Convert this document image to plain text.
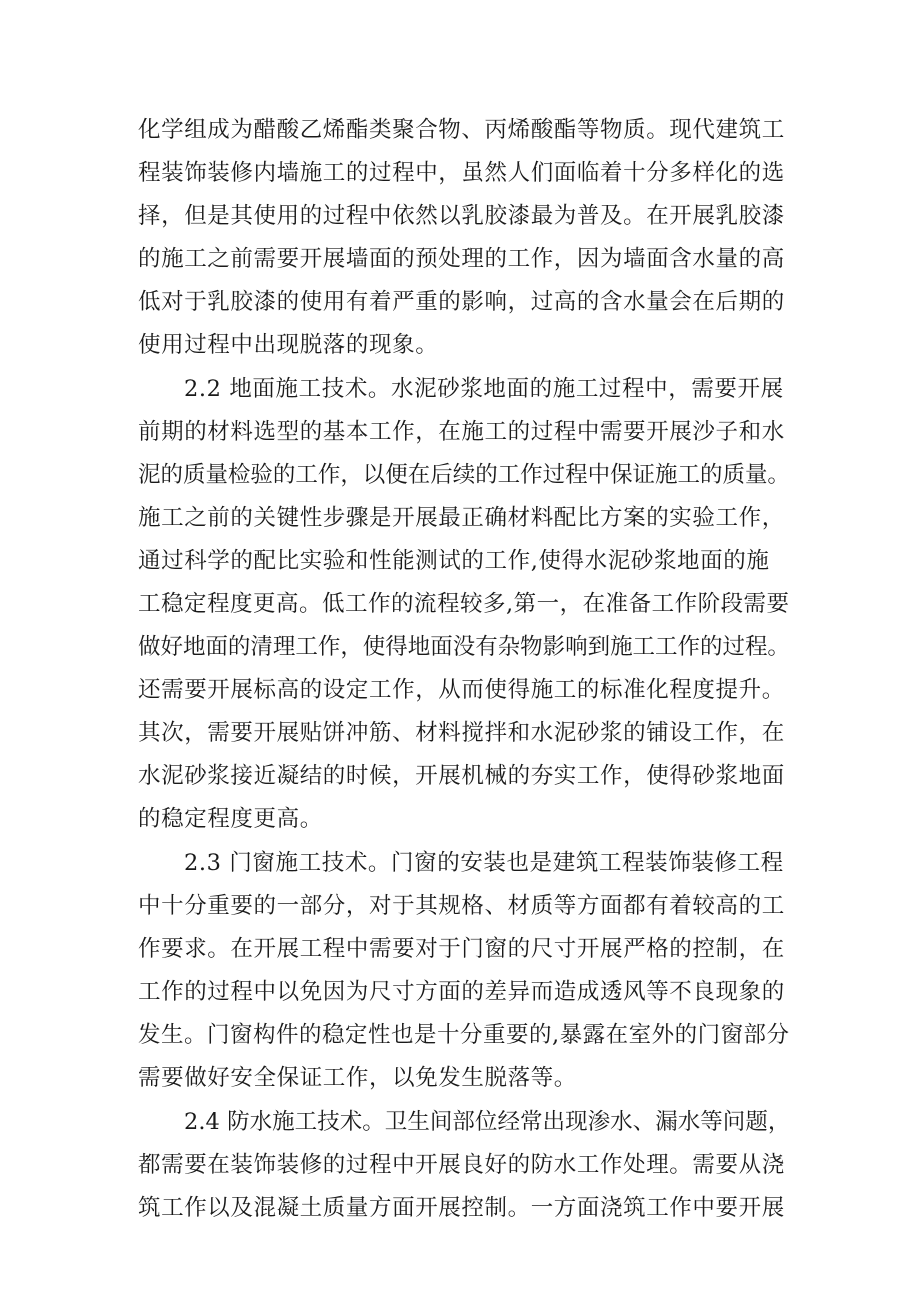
化学组成为醋酸乙烯酯类聚合物、丙烯酸酯等物质。现代建筑工
程装饰装修内墙施工的过程中，虽然人们面临着十分多样化的选
择，但是其使用的过程中依然以乳胶漆最为普及。在开展乳胶漆
的施工之前需要开展墙面的预处理的工作，因为墙面含水量的高
低对于乳胶漆的使用有着严重的影响，过高的含水量会在后期的
使用过程中出现脱落的现象。
2.2 地面施工技术。水泥砂浆地面的施工过程中，需要开展
前期的材料选型的基本工作，在施工的过程中需要开展沙子和水
泥的质量检验的工作，以便在后续的工作过程中保证施工的质量。
施工之前的关键性步骤是开展最正确材料配比方案的实验工作，
通过科学的配比实验和性能测试的工作,使得水泥砂浆地面的施
工稳定程度更高。低工作的流程较多,第一，在准备工作阶段需要
做好地面的清理工作，使得地面没有杂物影响到施工工作的过程。
还需要开展标高的设定工作，从而使得施工的标准化程度提升。
其次，需要开展贴饼冲筋、材料搅拌和水泥砂浆的铺设工作，在
水泥砂浆接近凝结的时候，开展机械的夯实工作，使得砂浆地面
的稳定程度更高。
2.3 门窗施工技术。门窗的安装也是建筑工程装饰装修工程
中十分重要的一部分，对于其规格、材质等方面都有着较高的工
作要求。在开展工程中需要对于门窗的尺寸开展严格的控制，在
工作的过程中以免因为尺寸方面的差异而造成透风等不良现象的
发生。门窗构件的稳定性也是十分重要的,暴露在室外的门窗部分
需要做好安全保证工作，以免发生脱落等。
2.4 防水施工技术。卫生间部位经常出现渗水、漏水等问题，
都需要在装饰装修的过程中开展良好的防水工作处理。需要从浇
筑工作以及混凝土质量方面开展控制。一方面浇筑工作中要开展
